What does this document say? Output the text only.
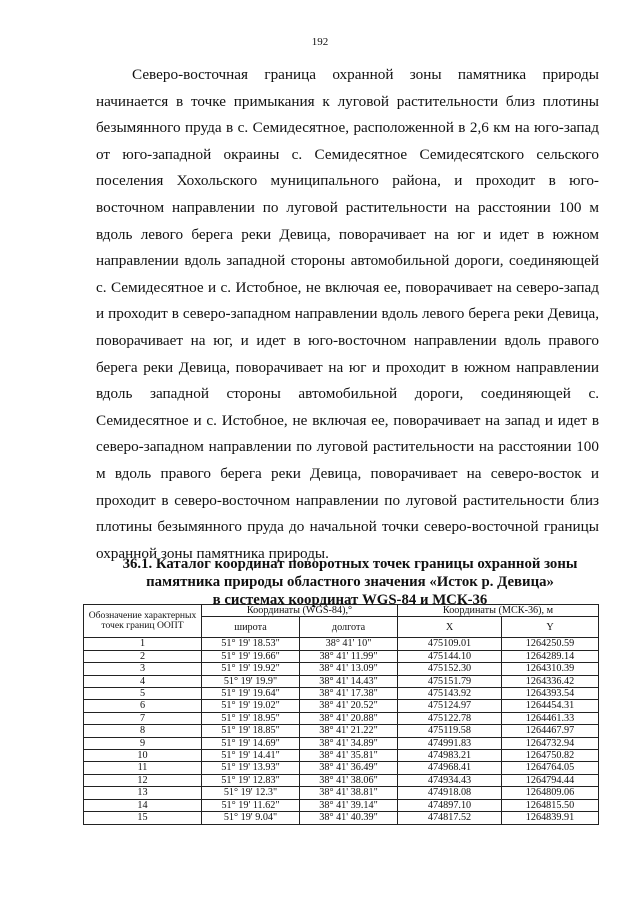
192

Северо-восточная граница охранной зоны памятника природы начинается в точке примыкания к луговой растительности близ плотины безымянного пруда в с. Семидесятное, расположенной в 2,6 км на юго-запад от юго-западной окраины с. Семидесятное Семидесятского сельского поселения Хохольского муниципального района, и проходит в юго-восточном направлении по луговой растительности на расстоянии 100 м вдоль левого берега реки Девица, поворачивает на юг и идет в южном направлении вдоль западной стороны автомобильной дороги, соединяющей с. Семидесятное и с. Истобное, не включая ее, поворачивает на северо-запад и проходит в северо-западном направлении вдоль левого берега реки Девица, поворачивает на юг, и идет в юго-восточном направлении вдоль правого берега реки Девица, поворачивает на юг и проходит в южном направлении вдоль западной стороны автомобильной дороги, соединяющей с. Семидесятное и с. Истобное, не включая ее, поворачивает на запад и идет в северо-западном направлении по луговой растительности на расстоянии 100 м вдоль правого берега реки Девица, поворачивает на северо-восток и проходит в северо-восточном направлении по луговой растительности близ плотины безымянного пруда до начальной точки северо-восточной границы охранной зоны памятника природы.

36.1. Каталог координат поворотных точек границы охранной зоны
памятника природы областного значения «Исток р. Девица»
в системах координат WGS-84 и МСК-36
Обозначение характерных точек границ ООПТ	Координаты (WGS-84),°		Координаты (МСК-36), м	
	широта	долгота	X	Y
1	51° 19' 18.53"	38° 41' 10"	475109.01	1264250.59
2	51° 19' 19.66"	38° 41' 11.99"	475144.10	1264289.14
3	51° 19' 19.92"	38° 41' 13.09"	475152.30	1264310.39
4	51° 19' 19.9"	38° 41' 14.43"	475151.79	1264336.42
5	51° 19' 19.64"	38° 41' 17.38"	475143.92	1264393.54
6	51° 19' 19.02"	38° 41' 20.52"	475124.97	1264454.31
7	51° 19' 18.95"	38° 41' 20.88"	475122.78	1264461.33
8	51° 19' 18.85"	38° 41' 21.22"	475119.58	1264467.97
9	51° 19' 14.69"	38° 41' 34.89"	474991.83	1264732.94
10	51° 19' 14.41"	38° 41' 35.81"	474983.21	1264750.82
11	51° 19' 13.93"	38° 41' 36.49"	474968.41	1264764.05
12	51° 19' 12.83"	38° 41' 38.06"	474934.43	1264794.44
13	51° 19' 12.3"	38° 41' 38.81"	474918.08	1264809.06
14	51° 19' 11.62"	38° 41' 39.14"	474897.10	1264815.50
15	51° 19' 9.04"	38° 41' 40.39"	474817.52	1264839.91
